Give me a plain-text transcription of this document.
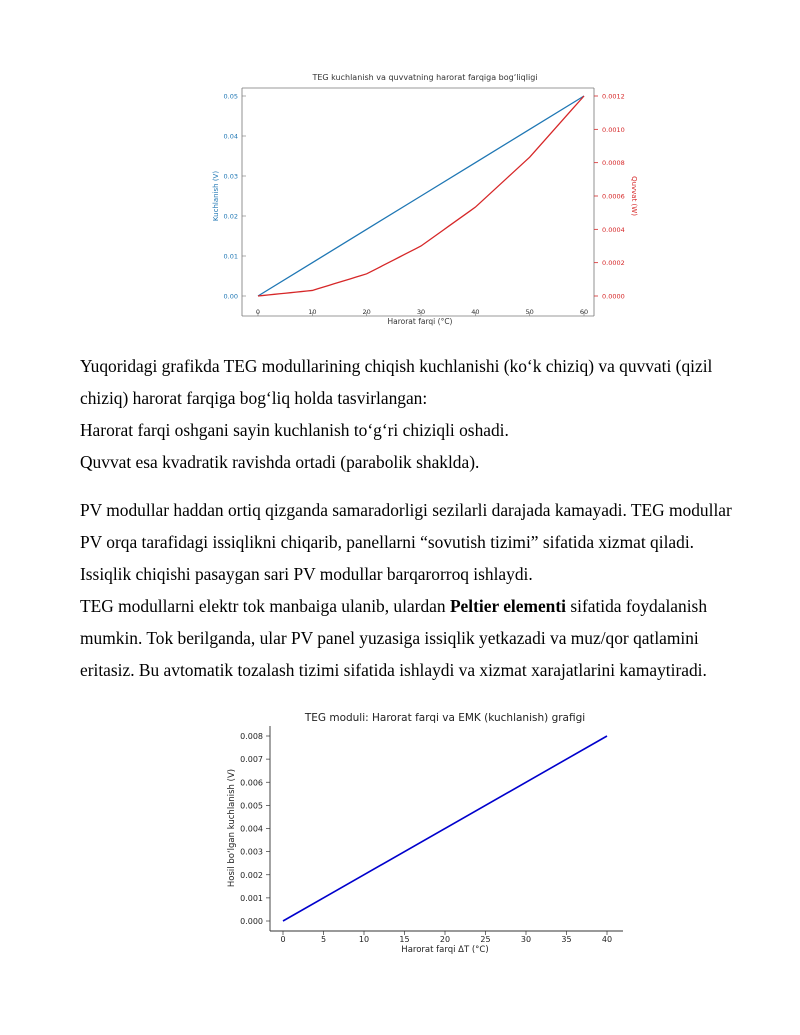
TEG kuchlanish va quvvatning harorat farqiga bog‘liqligi
0	10	20	30	40	50	60
0.00
0.01
0.02
0.03
0.04
0.05
0.0000
0.0002
0.0004
0.0006
0.0008
0.0010
0.0012
Harorat farqi (°C)
Kuchlanish (V)	Quvvat (W)
Yuqoridagi grafikda TEG modullarining chiqish kuchlanishi (ko‘k chiziq) va quvvati (qizil
chiziq) harorat farqiga bog‘liq holda tasvirlangan:
Harorat farqi oshgani sayin kuchlanish to‘g‘ri chiziqli oshadi.
Quvvat esa kvadratik ravishda ortadi (parabolik shaklda).
PV modullar haddan ortiq qizganda samaradorligi sezilarli darajada kamayadi. TEG modullar
PV orqa tarafidagi issiqlikni chiqarib, panellarni “sovutish tizimi” sifatida xizmat qiladi.
Issiqlik chiqishi pasaygan sari PV modullar barqarorroq ishlaydi.
TEG modullarni elektr tok manbaiga ulanib, ulardan Peltier elementi sifatida foydalanish
mumkin. Tok berilganda, ular PV panel yuzasiga issiqlik yetkazadi va muz/qor qatlamini
eritasiz. Bu avtomatik tozalash tizimi sifatida ishlaydi va xizmat xarajatlarini kamaytiradi.
TEG moduli: Harorat farqi va EMK (kuchlanish) grafigi
0	5	10	15	20	25	30	35	40
0.000
0.001
0.002
0.003
0.004
0.005
0.006
0.007
0.008
Harorat farqi ΔT (°C)
Hosil bo‘lgan kuchlanish (V)
